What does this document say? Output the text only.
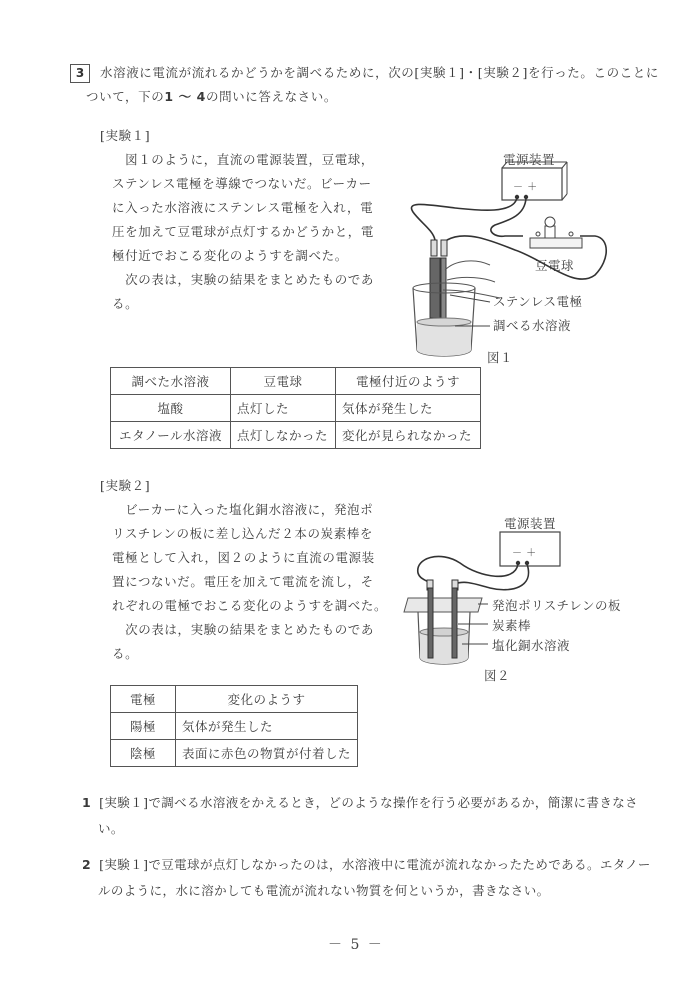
3	水溶液に電流が流れるかどうかを調べるために，次の[実験１]・[実験２]を行った。このことに
ついて，下の1 ～ 4の問いに答えなさい。
[実験１]
　図１のように，直流の電源装置，豆電球，
ステンレス電極を導線でつないだ。ビーカー
に入った水溶液にステンレス電極を入れ，電
圧を加えて豆電球が点灯するかどうかと，電
極付近でおこる変化のようすを調べた。
　次の表は，実験の結果をまとめたものであ
る。
電源装置
－ ＋
豆電球
ステンレス電極
調べる水溶液
図１
調べた水溶液	豆電球	電極付近のようす
塩酸	点灯した	気体が発生した
エタノール水溶液	点灯しなかった	変化が見られなかった
[実験２]
　ビーカーに入った塩化銅水溶液に，発泡ポ
リスチレンの板に差し込んだ２本の炭素棒を
電極として入れ，図２のように直流の電源装
置につないだ。電圧を加えて電流を流し，そ
れぞれの電極でおこる変化のようすを調べた。
　次の表は，実験の結果をまとめたものであ
る。
電源装置
－ ＋
発泡ポリスチレンの板
炭素棒
塩化銅水溶液
図２
電極	変化のようす
陽極	気体が発生した
陰極	表面に赤色の物質が付着した
1 [実験１]で調べる水溶液をかえるとき，どのような操作を行う必要があるか，簡潔に書きなさ
い。
2 [実験１]で豆電球が点灯しなかったのは，水溶液中に電流が流れなかったためである。エタノー
ルのように，水に溶かしても電流が流れない物質を何というか，書きなさい。
－ 5 －
